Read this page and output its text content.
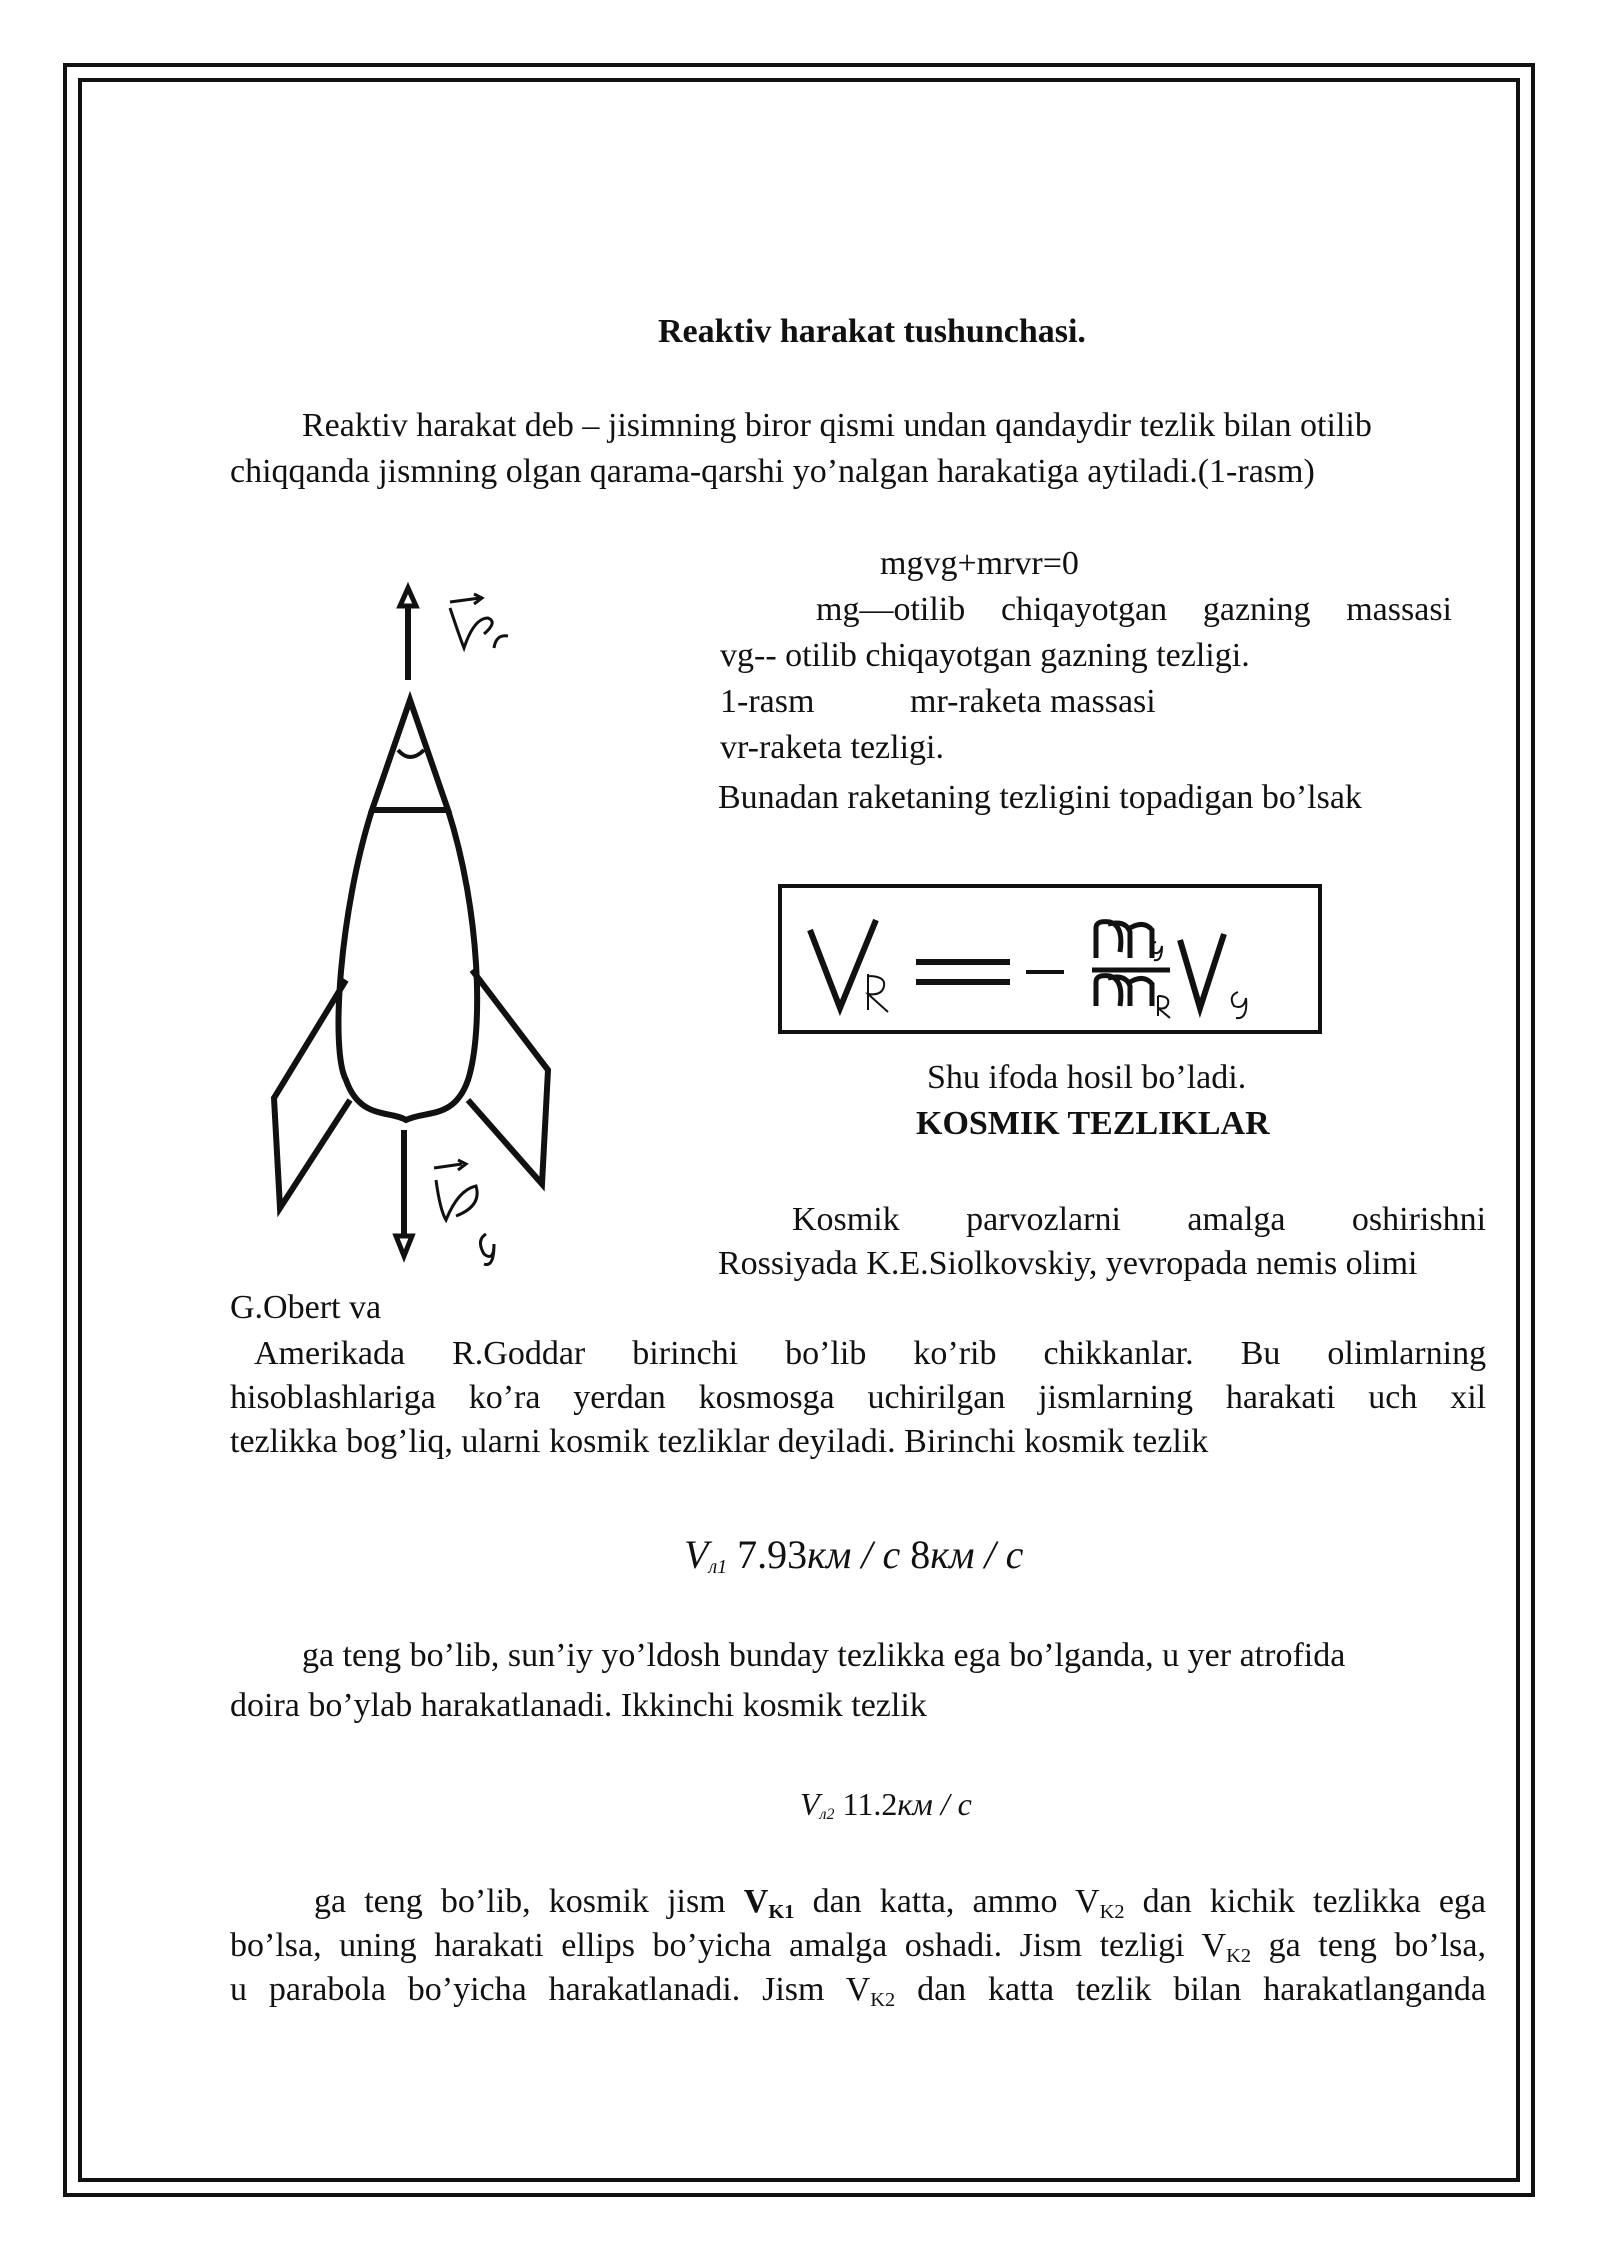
Reaktiv harakat tushunchasi.
Reaktiv harakat deb – jisimning biror qismi undan qandaydir tezlik bilan otilib
chiqqanda jismning olgan qarama-qarshi yo’nalgan harakatiga aytiladi.(1-rasm)
mgvg+mrvr=0
mg—otilib chiqayotgan gazning massasi
vg-- otilib chiqayotgan gazning tezligi.
1-rasm	mr-raketa massasi
vr-raketa tezligi.
Bunadan raketaning tezligini topadigan bo’lsak
Shu ifoda hosil bo’ladi.
KOSMIK TEZLIKLAR
Kosmik parvozlarni amalga oshirishni
Rossiyada K.E.Siolkovskiy, yevropada nemis olimi
G.Obert va
Amerikada R.Goddar birinchi bo’lib ko’rib chikkanlar. Bu olimlarning
hisoblashlariga ko’ra yerdan kosmosga uchirilgan jismlarning harakati uch xil
tezlikka bog’liq, ularni kosmik tezliklar deyiladi. Birinchi kosmik tezlik
$V_{л1}$ 7.93км / с 8км / с
ga teng bo’lib, sun’iy yo’ldosh bunday tezlikka ega bo’lganda, u yer atrofida
doira bo’ylab harakatlanadi. Ikkinchi kosmik tezlik
$V_{л2}$ 11.2км / с
ga teng bo’lib, kosmik jism VK1 dan katta, ammo VK2 dan kichik tezlikka ega
bo’lsa, uning harakati ellips bo’yicha amalga oshadi. Jism tezligi VK2 ga teng bo’lsa,
u parabola bo’yicha harakatlanadi. Jism VK2 dan katta tezlik bilan harakatlanganda
